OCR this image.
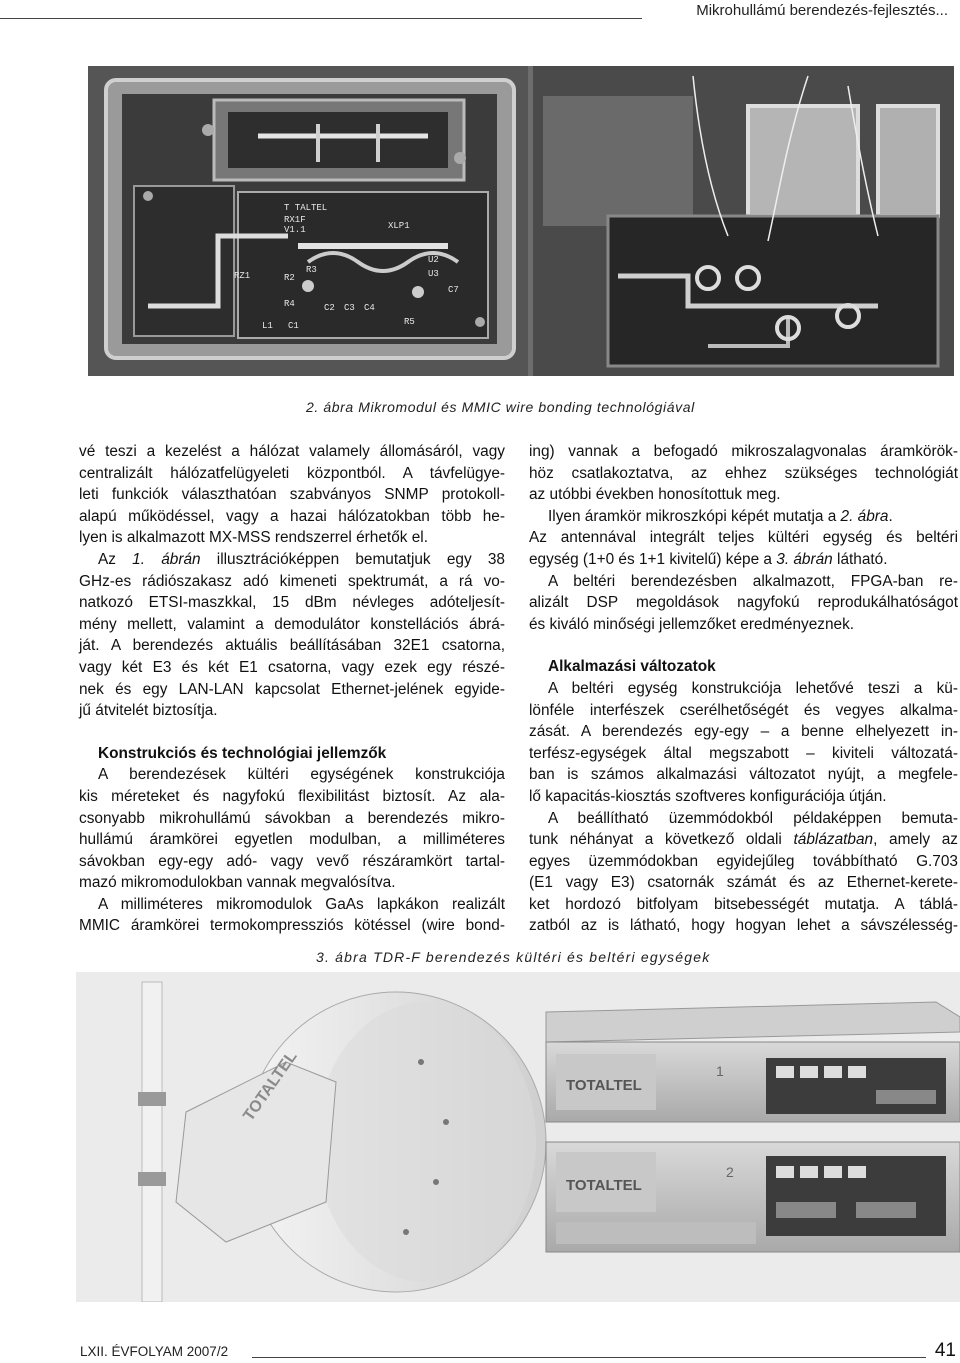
Mikrohullámú berendezés-fejlesztés...
T TALTEL
RX1F
V1.1	XLP1
R3
R2
R4
R5
C2 C3 C4
C1
RZ1
U2
U3
C7
L1
2. ábra Mikromodul és MMIC wire bonding technológiával
vé teszi a kezelést a hálózat valamely állomásáról, vagy
centralizált hálózatfelügyeleti központból. A távfelügye-
leti funkciók választhatóan szabványos SNMP protokoll-
alapú működéssel, vagy a hazai hálózatokban több he-
lyen is alkalmazott MX-MSS rendszerrel érhetők el.
Az 1. ábrán illusztrációképpen bemutatjuk egy 38
GHz-es rádiószakasz adó kimeneti spektrumát, a rá vo-
natkozó ETSI-maszkkal, 15 dBm névleges adóteljesít-
mény mellett, valamint a demodulátor konstellációs ábrá-
ját. A berendezés aktuális beállításában 32E1 csatorna,
vagy két E3 és két E1 csatorna, vagy ezek egy részé-
nek és egy LAN-LAN kapcsolat Ethernet-jelének egyide-
jű átvitelét biztosítja.
Konstrukciós és technológiai jellemzők
A berendezések kültéri egységének konstrukciója
kis méreteket és nagyfokú flexibilitást biztosít. Az ala-
csonyabb mikrohullámú sávokban a berendezés mikro-
hullámú áramkörei egyetlen modulban, a milliméteres
sávokban egy-egy adó- vagy vevő részáramkört tartal-
mazó mikromodulokban vannak megvalósítva.
A milliméteres mikromodulok GaAs lapkákon realizált
MMIC áramkörei termokompressziós kötéssel (wire bond-
ing) vannak a befogadó mikroszalagvonalas áramkörök-
höz csatlakoztatva, az ehhez szükséges technológiát
az utóbbi években honosítottuk meg.
Ilyen áramkör mikroszkópi képét mutatja a 2. ábra.
Az antennával integrált teljes kültéri egység és beltéri
egység (1+0 és 1+1 kivitelű) képe a 3. ábrán látható.
A beltéri berendezésben alkalmazott, FPGA-ban re-
alizált DSP megoldások nagyfokú reprodukálhatóságot
és kiváló minőségi jellemzőket eredményeznek.
Alkalmazási változatok
A beltéri egység konstrukciója lehetővé teszi a kü-
lönféle interfészek cserélhetőségét és vegyes alkalma-
zását. A berendezés egy-egy – a benne elhelyezett in-
terfész-egységek által megszabott – kiviteli változatá-
ban is számos alkalmazási változatot nyújt, a megfele-
lő kapacitás-kiosztás szoftveres konfigurációja útján.
A beállítható üzemmódokból példaképpen bemuta-
tunk néhányat a következő oldali táblázatban, amely az
egyes üzemmódokban egyidejűleg továbbítható G.703
(E1 vagy E3) csatornák számát és az Ethernet-kerete-
ket hordozó bitfolyam bitsebességét mutatja. A táblá-
zatból az is látható, hogy hogyan lehet a sávszélesség-
3. ábra TDR-F berendezés kültéri és beltéri egységek
TOTALTEL	TOTALTEL
1
TOTALTEL
2
LXII. ÉVFOLYAM 2007/2	41
